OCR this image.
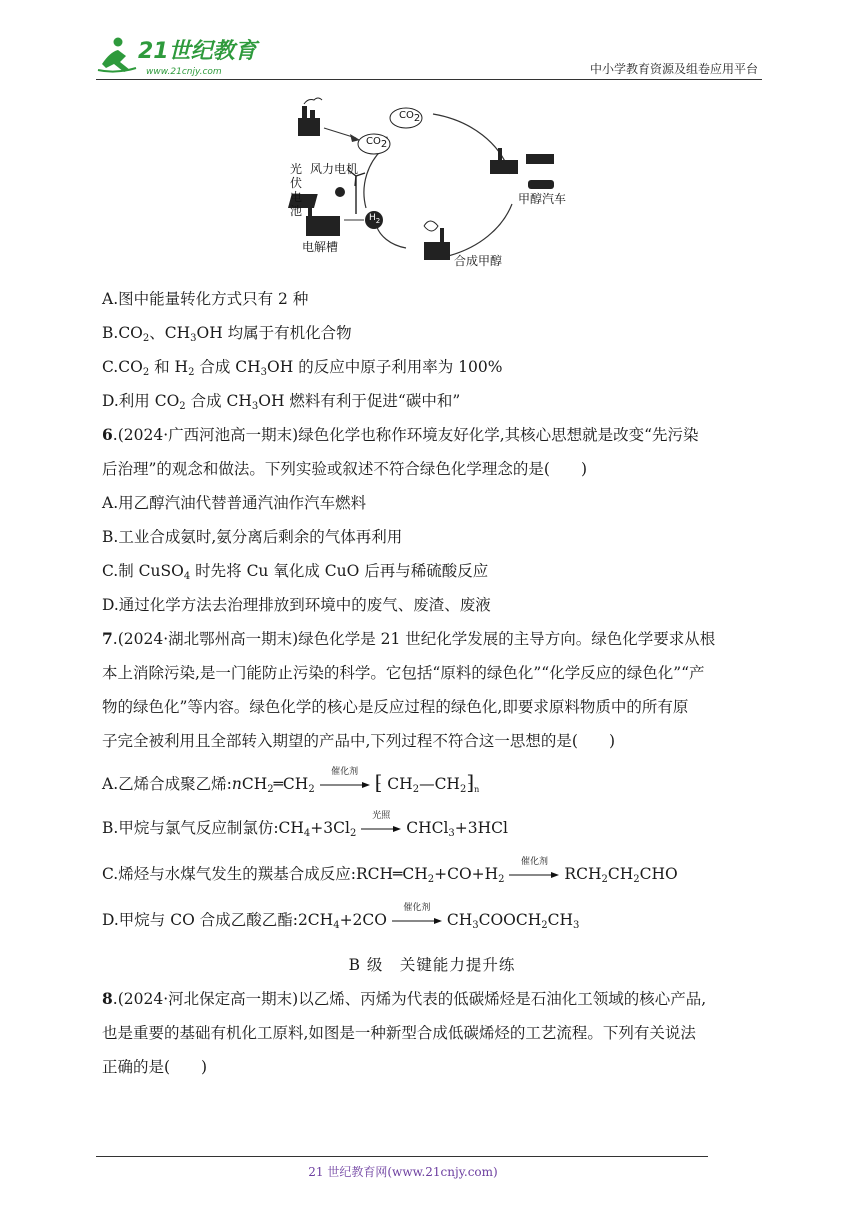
21世纪教育
www.21cnjy.com	中小学教育资源及组卷应用平台
$CO_2$
$CO_2$
风力电机
光伏电池	$H_2$
电解槽
合成甲醇
甲醇汽车
A.图中能量转化方式只有 2 种
$B.CO_2$、$CH_3OH$ 均属于有机化合物
$C.CO_2$ 和 $H_2$ 合成 $CH_3OH$ 的反应中原子利用率为 100%
D.利用 $CO_2$ 合成 $CH_3OH$ 燃料有利于促进“碳中和”
6.(2024·广西河池高一期末)绿色化学也称作环境友好化学,其核心思想就是改变“先污染
后治理”的观念和做法。下列实验或叙述不符合绿色化学理念的是(　　)
A.用乙醇汽油代替普通汽油作汽车燃料
B.工业合成氨时,氨分离后剩余的气体再利用
C.制 CuSO$_4$ 时先将 Cu 氧化成 CuO 后再与稀硫酸反应
D.通过化学方法去治理排放到环境中的废气、废渣、废液
7.(2024·湖北鄂州高一期末)绿色化学是 21 世纪化学发展的主导方向。绿色化学要求从根
本上消除污染,是一门能防止污染的科学。它包括“原料的绿色化”“化学反应的绿色化”“产
物的绿色化”等内容。绿色化学的核心是反应过程的绿色化,即要求原料物质中的所有原
子完全被利用且全部转入期望的产品中,下列过程不符合这一思想的是(　　)
A.乙烯合成聚乙烯$:nCH_2═CH_2$
催化剂 ⁅ $CH_2—CH_2⁆_n$
B.甲烷与氯气反应制氯仿$:CH_4+3Cl_2$
光照
CHCl$_3$+3HCl
C.烯烃与水煤气发生的羰基合成反应$:RCH═CH_2+CO+H_2$
催化剂
$RCH_2CH_2CHO$
D.甲烷与 CO 合成乙酸乙酯$:2CH_4+2CO$
催化剂
$CH_3COOCH_2CH_3$
B 级　关键能力提升练
8.(2024·河北保定高一期末)以乙烯、丙烯为代表的低碳烯烃是石油化工领域的核心产品,
也是重要的基础有机化工原料,如图是一种新型合成低碳烯烃的工艺流程。下列有关说法
正确的是(　　)
21 世纪教育网(www.21cnjy.com)
